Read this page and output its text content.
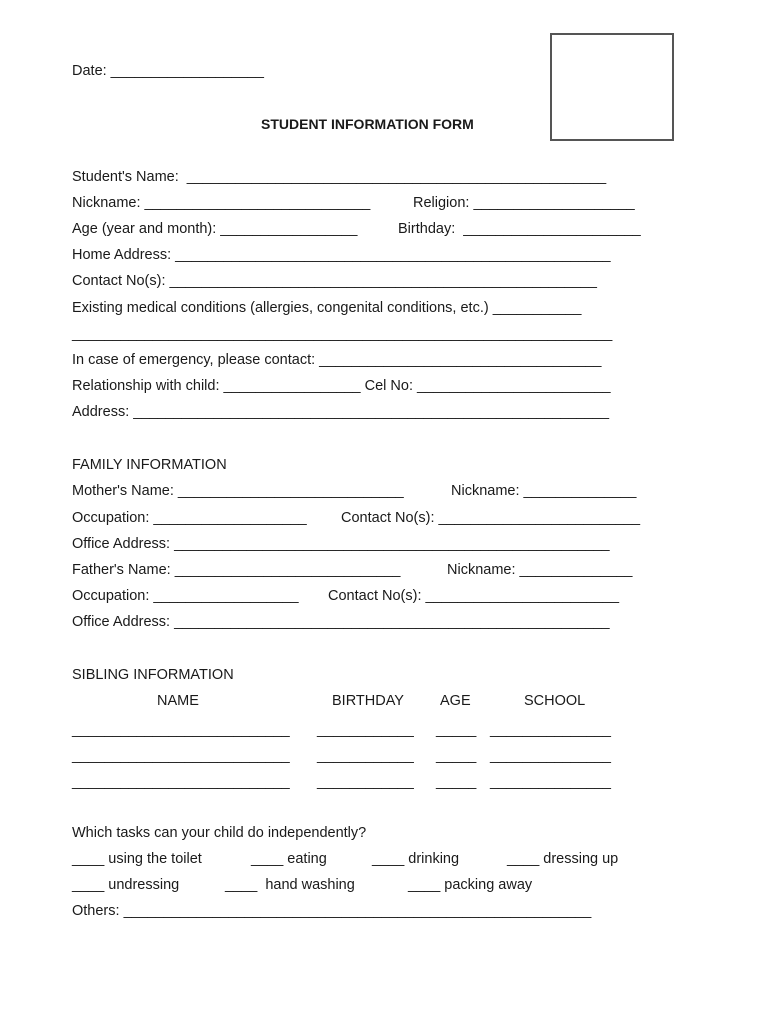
Date: ___________________
STUDENT INFORMATION FORM
Student's Name:  ____________________________________________________
Nickname: ____________________________	Religion: ____________________
Age (year and month): _________________	Birthday:  ______________________
Home Address: ______________________________________________________
Contact No(s): _____________________________________________________
Existing medical conditions (allergies, congenital conditions, etc.) ___________
___________________________________________________________________
In case of emergency, please contact: ___________________________________
Relationship with child: _________________ Cel No: ________________________
Address: ___________________________________________________________
FAMILY INFORMATION
Mother's Name: ____________________________	Nickname: ______________
Occupation: ___________________ Contact No(s): _________________________
Office Address: ______________________________________________________
Father's Name: ____________________________	Nickname: ______________
Occupation: __________________ Contact No(s): ________________________
Office Address: ______________________________________________________
SIBLING INFORMATION
NAME	BIRTHDAY AGE	SCHOOL
___________________________ ____________ _____ _______________
___________________________ ____________ _____ _______________
___________________________ ____________ _____ _______________
Which tasks can your child do independently?
____ using the toilet	____ eating	____ drinking	____ dressing up
____ undressing	____  hand washing	____ packing away
Others: __________________________________________________________
